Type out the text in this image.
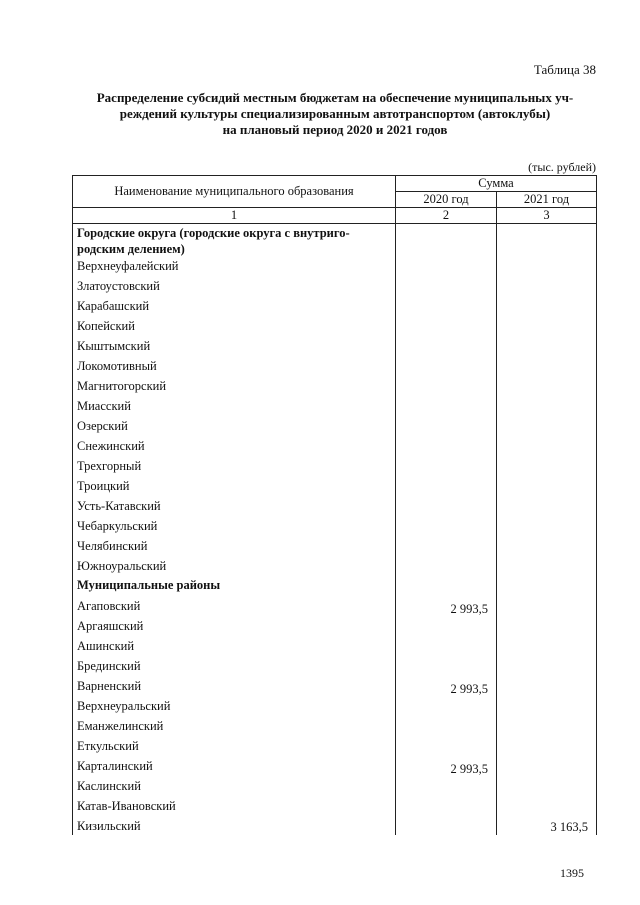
Таблица 38
Распределение субсидий местным бюджетам на обеспечение муниципальных уч-
реждений культуры специализированным автотранспортом (автоклубы)
на плановый период 2020 и 2021 годов
(тыс. рублей)
Наименование муниципального образования	Сумма	
	2020 год	2021 год
1	2	3
Городские округа (городские округа с внутриго-родским делением)		
Верхнеуфалейский		
Златоустовский		
Карабашский		
Копейский		
Кыштымский		
Локомотивный		
Магнитогорский		
Миасский		
Озерский		
Снежинский		
Трехгорный		
Троицкий		
Усть-Катавский		
Чебаркульский		
Челябинский		
Южноуральский		
Муниципальные районы		
Агаповский	2 993,5	
Аргаяшский		
Ашинский		
Брединский		
Варненский	2 993,5	
Верхнеуральский		
Еманжелинский		
Еткульский		
Карталинский	2 993,5	
Каслинский		
Катав-Ивановский		
Кизильский		3 163,5
1395
